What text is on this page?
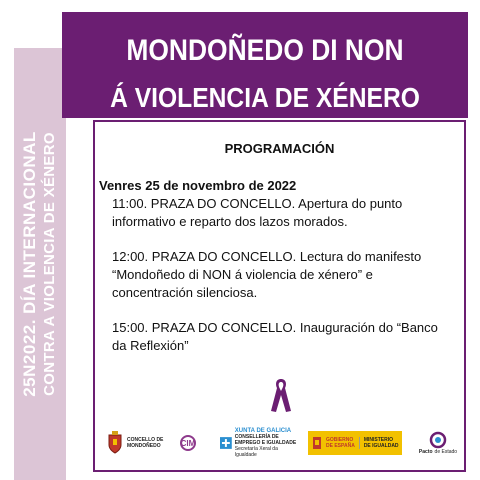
25N2022. DÍA INTERNACIONAL CONTRA A VIOLENCIA DE XÉNERO
MONDOÑEDO DI NON
Á VIOLENCIA DE XÉNERO
PROGRAMACIÓN
Venres 25 de novembro de 2022
11:00. PRAZA DO CONCELLO. Apertura do punto
informativo e reparto dos lazos morados.
12:00. PRAZA DO CONCELLO. Lectura do manifesto
“Mondoñedo di NON á violencia de xénero” e
concentración silenciosa.
15:00. PRAZA DO CONCELLO. Inauguración do “Banco
da Reflexión”
CONCELLO DE
MONDOÑEDO	CIM
XUNTA DE GALICIA
CONSELLERÍA DE
EMPREGO E IGUALDADE
Secretaría Xeral da Igualdade
GOBIERNO
DE ESPAÑA
MINISTERIO
DE IGUALDAD
Pacto de Estado
